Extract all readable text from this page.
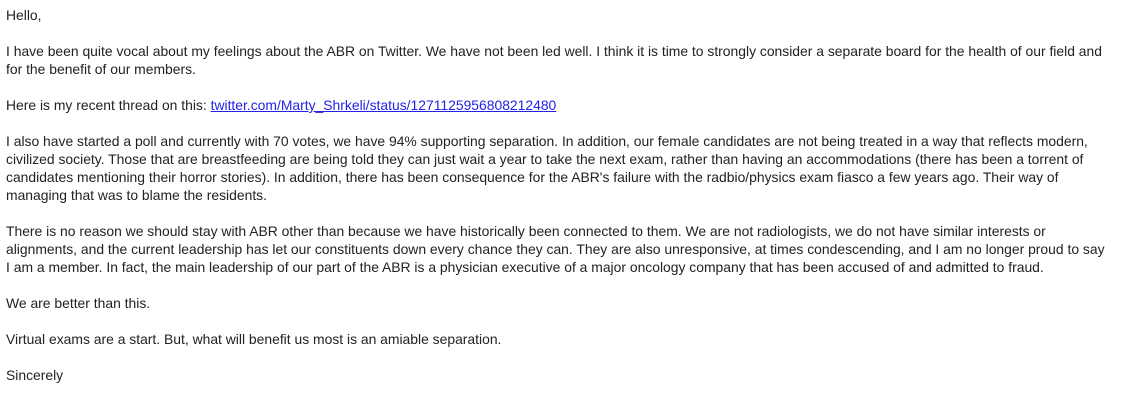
Hello,

I have been quite vocal about my feelings about the ABR on Twitter. We have not been led well. I think it is time to strongly consider a separate board for the health of our field and for the benefit of our members.

Here is my recent thread on this: twitter.com/Marty_Shrkeli/status/1271125956808212480

I also have started a poll and currently with 70 votes, we have 94% supporting separation. In addition, our female candidates are not being treated in a way that reflects modern, civilized society. Those that are breastfeeding are being told they can just wait a year to take the next exam, rather than having an accommodations (there has been a torrent of candidates mentioning their horror stories). In addition, there has been consequence for the ABR's failure with the radbio/physics exam fiasco a few years ago. Their way of managing that was to blame the residents.

There is no reason we should stay with ABR other than because we have historically been connected to them. We are not radiologists, we do not have similar interests or alignments, and the current leadership has let our constituents down every chance they can. They are also unresponsive, at times condescending, and I am no longer proud to say I am a member. In fact, the main leadership of our part of the ABR is a physician executive of a major oncology company that has been accused of and admitted to fraud.

We are better than this.

Virtual exams are a start. But, what will benefit us most is an amiable separation.

Sincerely
